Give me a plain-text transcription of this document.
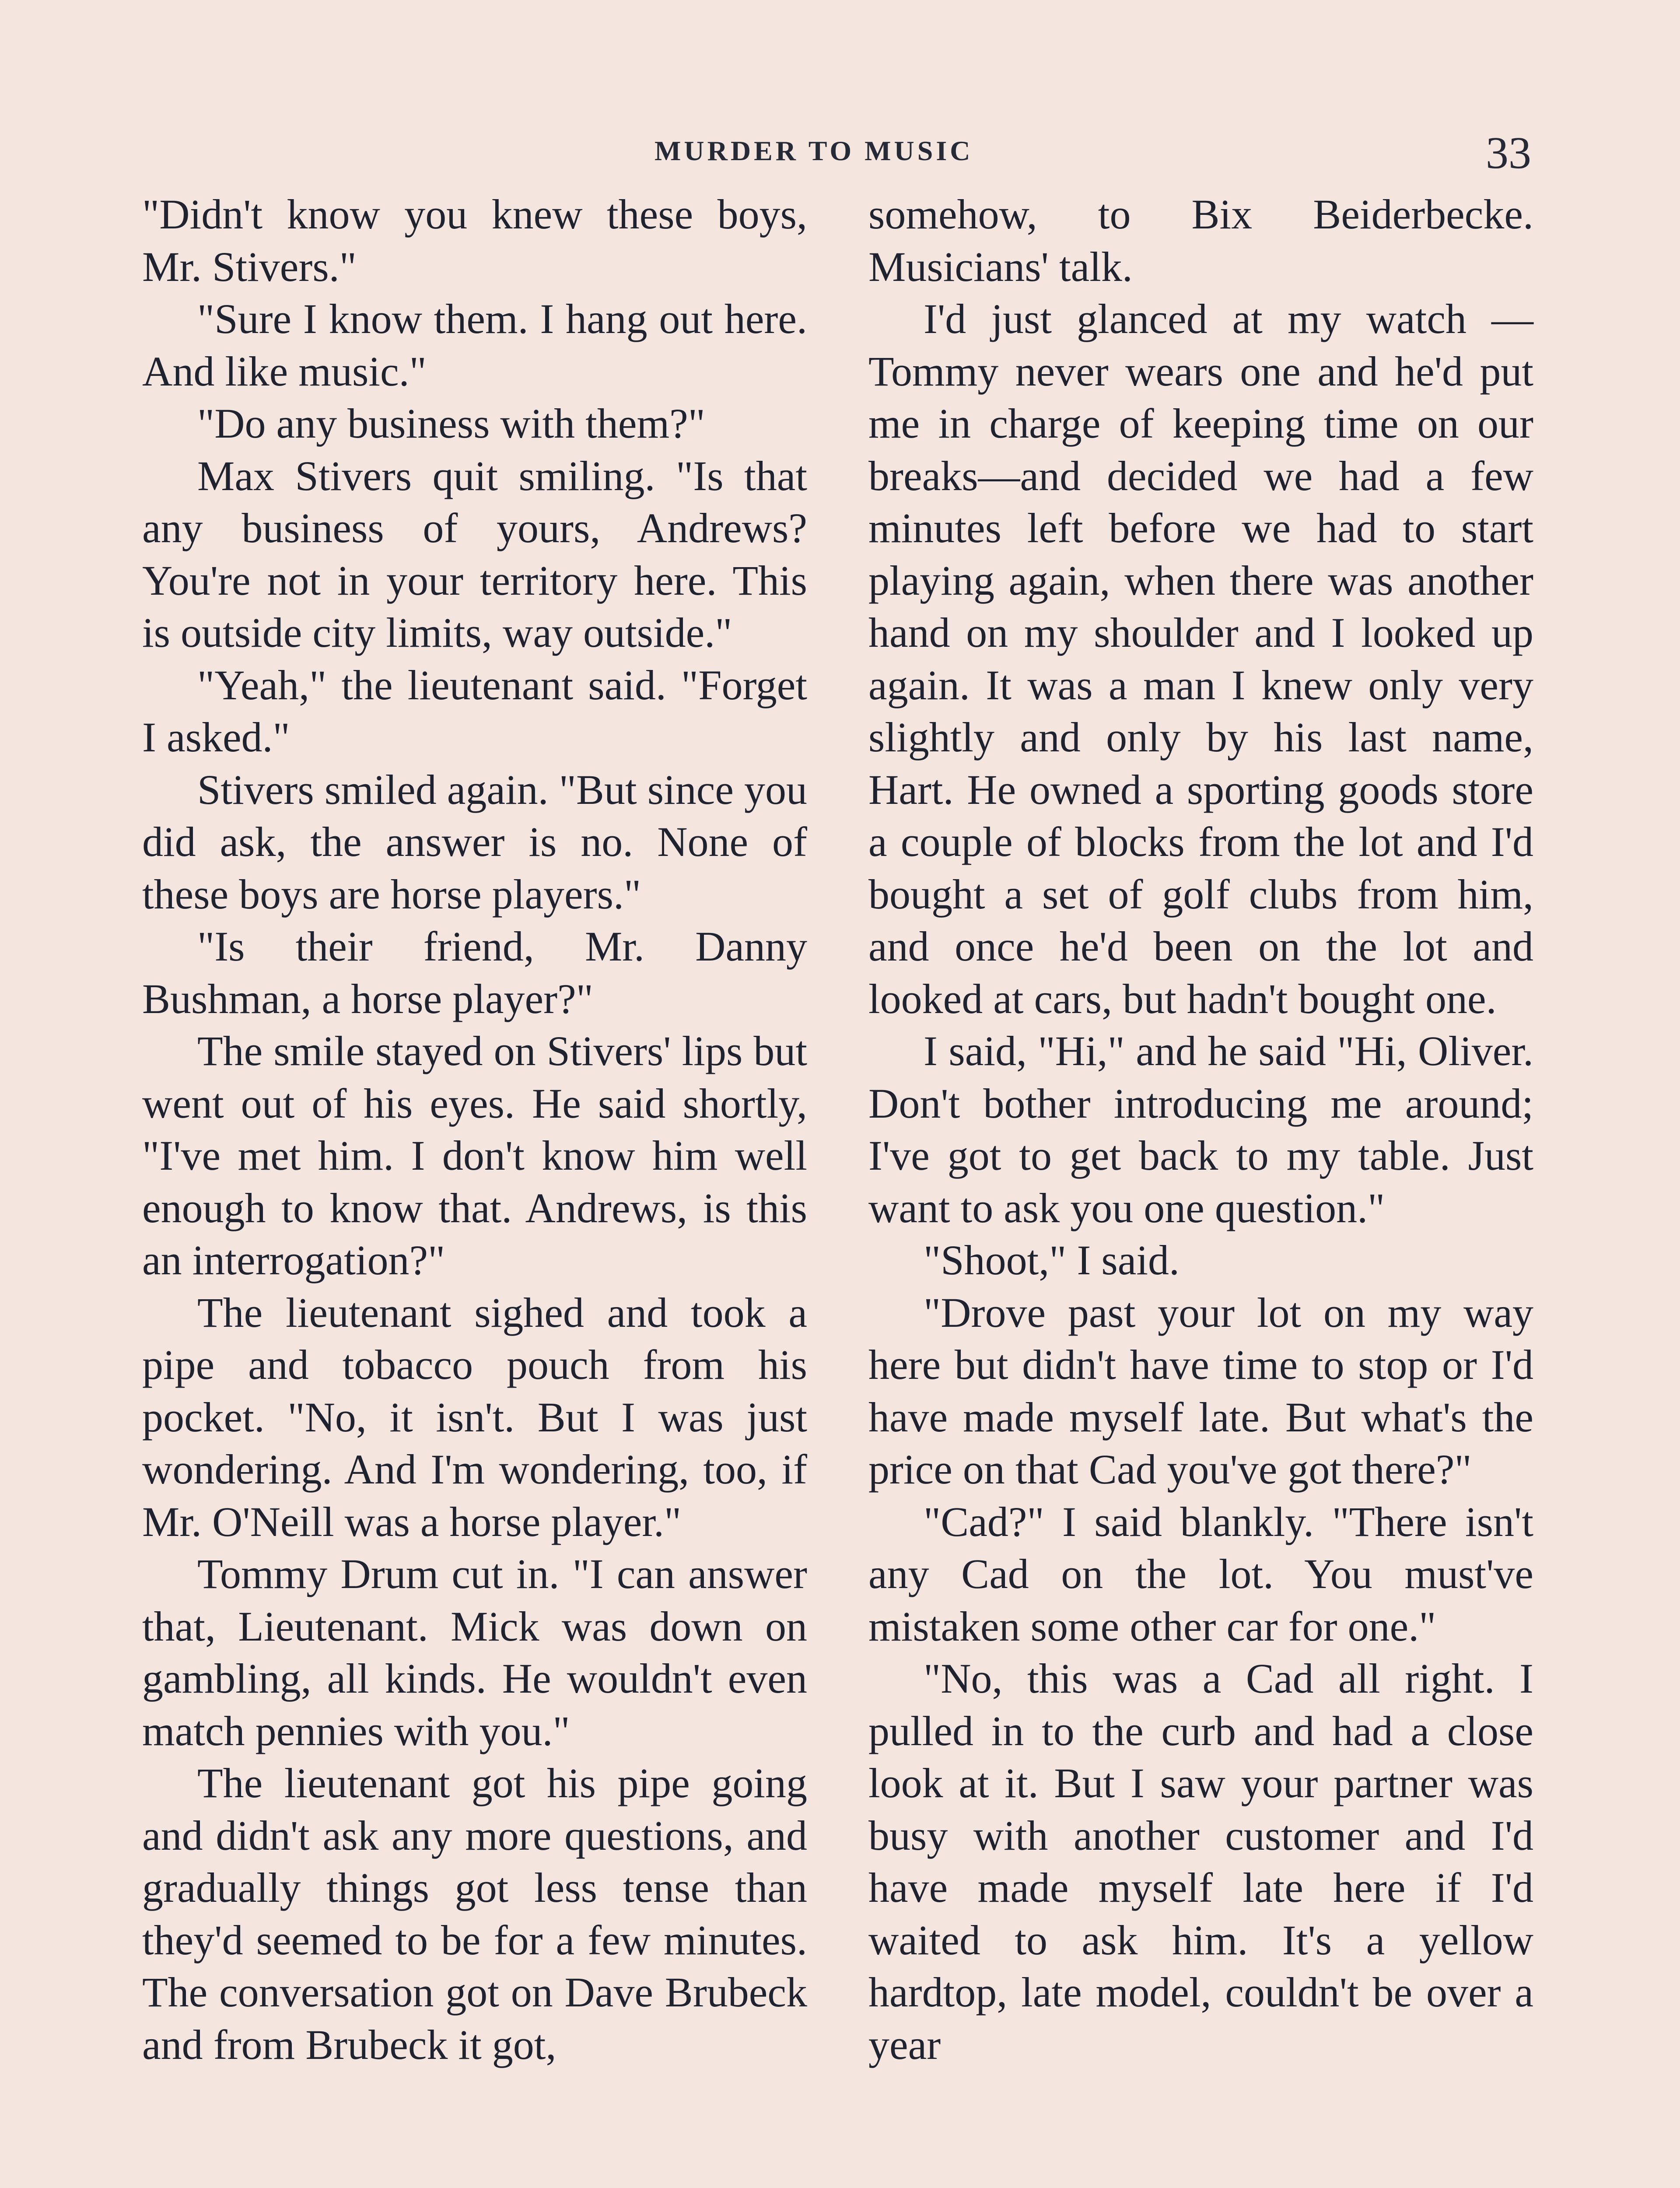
MURDER TO MUSIC	33

"Didn't know you knew these boys, Mr. Stivers."

"Sure I know them. I hang out here. And like music."

"Do any business with them?"

Max Stivers quit smiling. "Is that any business of yours, Andrews? You're not in your territory here. This is outside city limits, way outside."

"Yeah," the lieutenant said. "Forget I asked."

Stivers smiled again. "But since you did ask, the answer is no. None of these boys are horse players."

"Is their friend, Mr. Danny Bushman, a horse player?"

The smile stayed on Stivers' lips but went out of his eyes. He said shortly, "I've met him. I don't know him well enough to know that. Andrews, is this an interrogation?"

The lieutenant sighed and took a pipe and tobacco pouch from his pocket. "No, it isn't. But I was just wondering. And I'm wondering, too, if Mr. O'Neill was a horse player."

Tommy Drum cut in. "I can answer that, Lieutenant. Mick was down on gambling, all kinds. He wouldn't even match pennies with you."

The lieutenant got his pipe going and didn't ask any more questions, and gradually things got less tense than they'd seemed to be for a few minutes. The conversation got on Dave Brubeck and from Brubeck it got,

somehow, to Bix Beiderbecke. Musicians' talk.

I'd just glanced at my watch —Tommy never wears one and he'd put me in charge of keeping time on our breaks—and decided we had a few minutes left before we had to start playing again, when there was another hand on my shoulder and I looked up again. It was a man I knew only very slightly and only by his last name, Hart. He owned a sporting goods store a couple of blocks from the lot and I'd bought a set of golf clubs from him, and once he'd been on the lot and looked at cars, but hadn't bought one.

I said, "Hi," and he said "Hi, Oliver. Don't bother introducing me around; I've got to get back to my table. Just want to ask you one question."

"Shoot," I said.

"Drove past your lot on my way here but didn't have time to stop or I'd have made myself late. But what's the price on that Cad you've got there?"

"Cad?" I said blankly. "There isn't any Cad on the lot. You must've mistaken some other car for one."

"No, this was a Cad all right. I pulled in to the curb and had a close look at it. But I saw your partner was busy with another customer and I'd have made myself late here if I'd waited to ask him. It's a yellow hardtop, late model, couldn't be over a year
